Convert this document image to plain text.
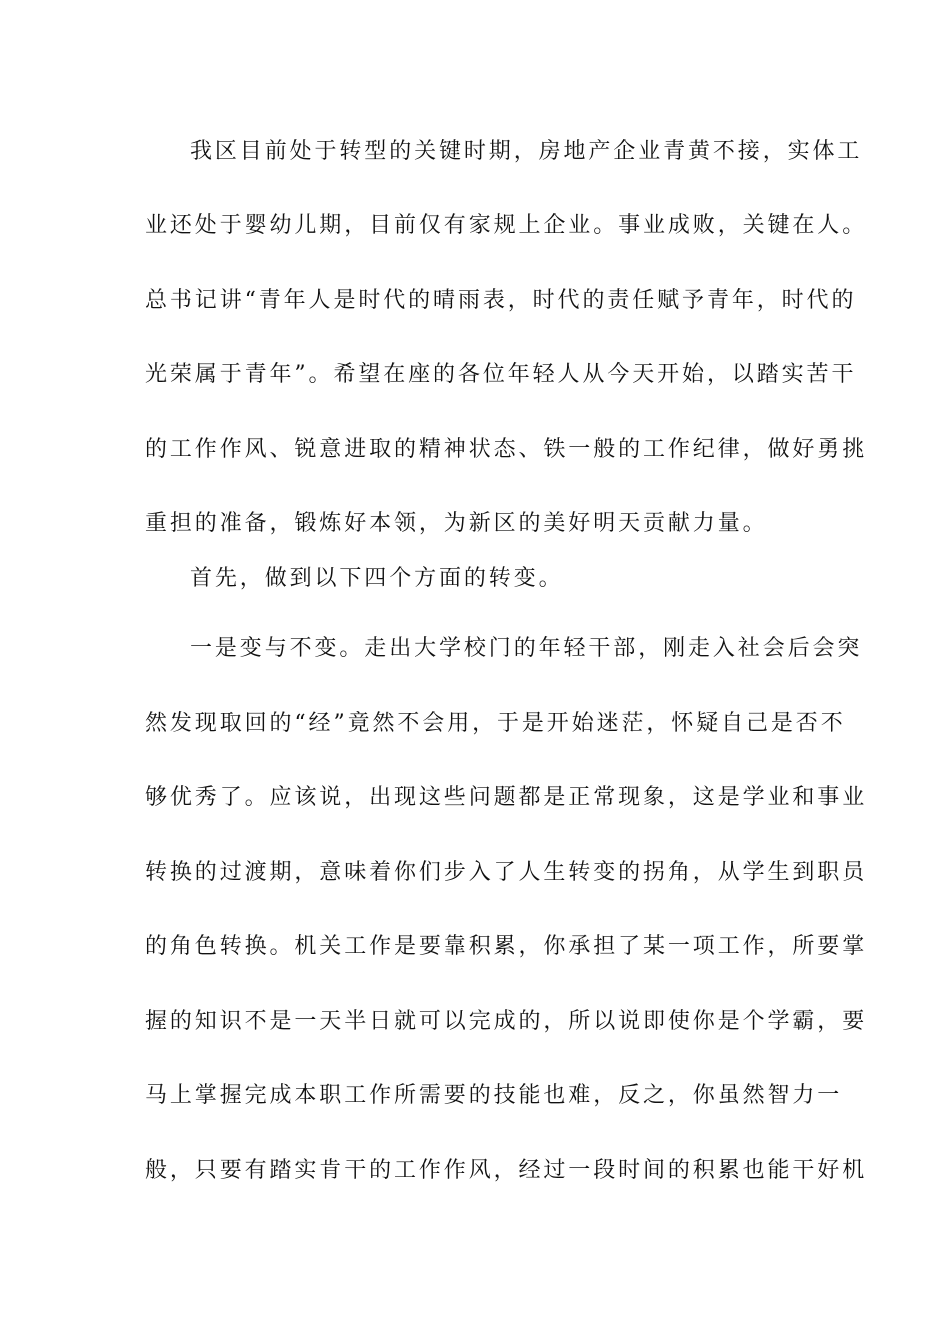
我区目前处于转型的关键时期，房地产企业青黄不接，实体工
业还处于婴幼儿期，目前仅有家规上企业。事业成败，关键在人。
总书记讲“青年人是时代的晴雨表，时代的责任赋予青年，时代的
光荣属于青年”。希望在座的各位年轻人从今天开始，以踏实苦干
的工作作风、锐意进取的精神状态、铁一般的工作纪律，做好勇挑
重担的准备，锻炼好本领，为新区的美好明天贡献力量。
首先，做到以下四个方面的转变。
一是变与不变。走出大学校门的年轻干部，刚走入社会后会突
然发现取回的“经”竟然不会用，于是开始迷茫，怀疑自己是否不
够优秀了。应该说，出现这些问题都是正常现象，这是学业和事业
转换的过渡期，意味着你们步入了人生转变的拐角，从学生到职员
的角色转换。机关工作是要靠积累，你承担了某一项工作，所要掌
握的知识不是一天半日就可以完成的，所以说即使你是个学霸，要
马上掌握完成本职工作所需要的技能也难，反之，你虽然智力一
般，只要有踏实肯干的工作作风，经过一段时间的积累也能干好机
